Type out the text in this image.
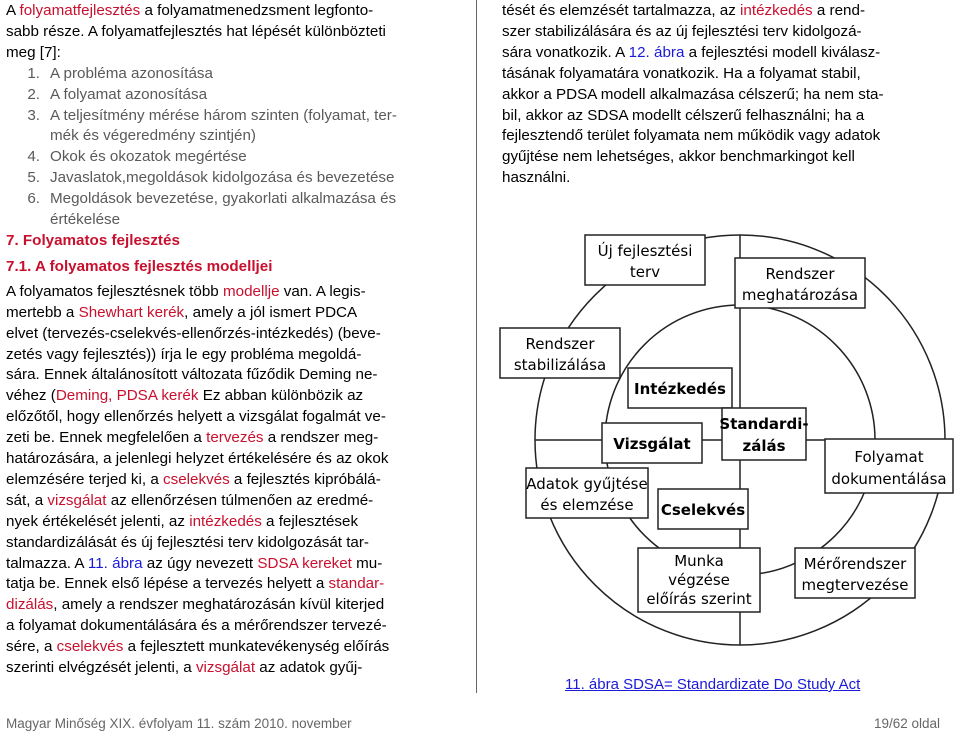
A folyamatfejlesztés a folyamatmenedzsment legfonto-
sabb része. A folyamatfejlesztés hat lépését különbözteti
meg [7]:
1. A probléma azonosítása
2. A folyamat azonosítása
3. A teljesítmény mérése három szinten (folyamat, ter-
mék és végeredmény szintjén)
4. Okok és okozatok megértése
5. Javaslatok,megoldások kidolgozása és bevezetése
6. Megoldások bevezetése, gyakorlati alkalmazása és
értékelése
7. Folyamatos fejlesztés
7.1. A folyamatos fejlesztés modelljei
A folyamatos fejlesztésnek több modellje van. A legis-
mertebb a Shewhart kerék, amely a jól ismert PDCA
elvet (tervezés-cselekvés-ellenőrzés-intézkedés) (beve-
zetés vagy fejlesztés)) írja le egy probléma megoldá-
sára. Ennek általánosított változata fűződik Deming ne-
véhez (Deming, PDSA kerék Ez abban különbözik az
előzőtől, hogy ellenőrzés helyett a vizsgálat fogalmát ve-
zeti be. Ennek megfelelően a tervezés a rendszer meg-
határozására, a jelenlegi helyzet értékelésére és az okok
elemzésére terjed ki, a cselekvés a fejlesztés kipróbálá-
sát, a vizsgálat az ellenőrzésen túlmenően az eredmé-
nyek értékelését jelenti, az intézkedés a fejlesztések
standardizálását és új fejlesztési terv kidolgozását tar-
talmazza. A 11. ábra az úgy nevezett SDSA kereket mu-
tatja be. Ennek első lépése a tervezés helyett a standar-
dizálás, amely a rendszer meghatározásán kívül kiterjed
a folyamat dokumentálására és a mérőrendszer tervezé-
sére, a cselekvés a fejlesztett munkatevékenység előírás
szerinti elvégzését jelenti, a vizsgálat az adatok gyűj-
tését és elemzését tartalmazza, az intézkedés a rend-
szer stabilizálására és az új fejlesztési terv kidolgozá-
sára vonatkozik. A 12. ábra a fejlesztési modell kiválasz-
tásának folyamatára vonatkozik. Ha a folyamat stabil,
akkor a PDSA modell alkalmazása célszerű; ha nem sta-
bil, akkor az SDSA modellt célszerű felhasználni; ha a
fejlesztendő terület folyamata nem működik vagy adatok
gyűjtése nem lehetséges, akkor benchmarkingot kell
használni.
Új fejlesztési
terv	Rendszer
meghatározása
Rendszer
stabilizálása
Intézkedés
Standardi-
zálás
Vizsgálat
Folyamat
dokumentálása
Adatok gyűjtése
és elemzése Cselekvés
Munka
végzése
előírás szerint
Mérőrendszer
megtervezése
11. ábra SDSA= Standardizate Do Study Act
Magyar Minőség XIX. évfolyam 11. szám 2010. november	19/62 oldal
